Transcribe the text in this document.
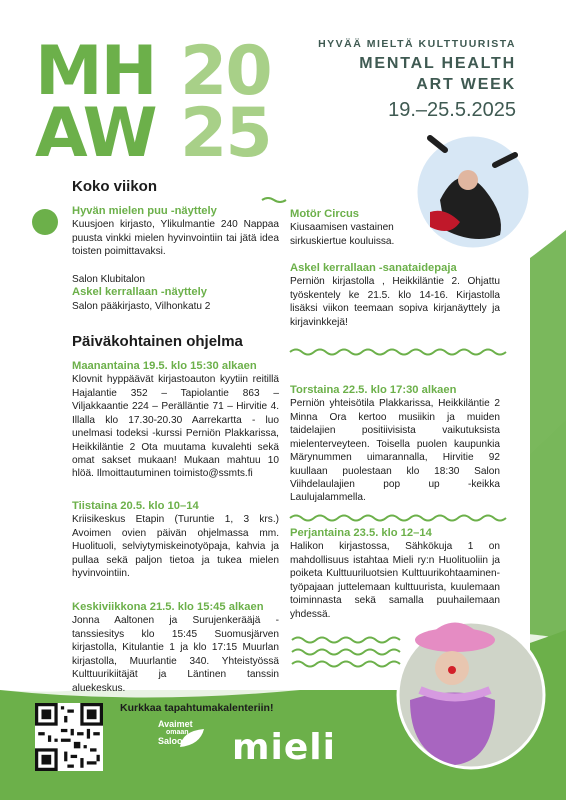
MH 20
AW 25
HYVÄÄ MIELTÄ KULTTUURISTA
MENTAL HEALTH
ART WEEK
19.–25.5.2025
Koko viikon
Hyvän mielen puu -näyttely
Kuusjoen kirjasto, Ylikulmantie 240 Nappaa puusta vinkki mielen hyvinvointiin tai jätä idea toisten poimittavaksi.
Salon Klubitalon
Askel kerrallaan -näyttely
Salon pääkirjasto, Vilhonkatu 2
Motör Circus
Kiusaamisen vastainen sirkuskiertue kouluissa.
Askel kerrallaan -sanataidepaja
Perniön kirjastolla , Heikkiläntie 2. Ohjattu työskentely ke 21.5. klo 14-16. Kirjastolla lisäksi viikon teemaan sopiva kirjanäyttely ja kirjavinkkejä!
Päiväkohtainen ohjelma
Maanantaina 19.5. klo 15:30 alkaen
Klovnit hyppäävät kirjastoauton kyytiin reitillä Hajalantie 352 – Tapiolantie 863 – Viljakkaantie 224 – Perälläntie 71 – Hirvitie 4. Illalla klo 17.30-20.30 Aarrekartta - luo unelmasi todeksi -kurssi Perniön Plakkarissa, Heikkiläntie 2 Ota muutama kuvalehti sekä omat sakset mukaan! Mukaan mahtuu 10 hlöä. Ilmoittautuminen toimisto@ssmts.fi
Tiistaina 20.5. klo 10–14
Kriisikeskus Etapin (Turuntie 1, 3 krs.) Avoimen ovien päivän ohjelmassa mm. Huolituoli, selviytymiskeinotyöpaja, kahvia ja pullaa sekä paljon tietoa ja tukea mielen hyvinvointiin.
Keskiviikkona 21.5. klo 15:45 alkaen
Jonna Aaltonen ja Surujenkerääjä -tanssiesitys klo 15:45 Suomusjärven kirjastolla, Kitulantie 1 ja klo 17:15 Muurlan kirjastolla, Muurlantie 340. Yhteistyössä Kulttuurikiitäjät ja Läntinen tanssin aluekeskus.
Torstaina 22.5. klo 17:30 alkaen
Perniön yhteisötila Plakkarissa, Heikkiläntie 2 Minna Ora kertoo musiikin ja muiden taidelajien positiivisista vaikutuksista mielenterveyteen. Toisella puolen kaupunkia Märynummen uimarannalla, Hirvitie 92 kuullaan puolestaan klo 18:30 Salon Viihdelaulajien pop up -keikka Laulujalammella.
Perjantaina 23.5. klo 12–14
Halikon kirjastossa, Sähkökuja 1 on mahdollisuus istahtaa Mieli ry:n Huolituoliin ja poiketa Kulttuuriluotsien Kulttuurikohtaaminen-työpajaan juttelemaan kulttuurista, kuulemaan toiminnasta sekä samalla puuhailemaan yhdessä.
Kurkkaa tapahtumakalenteriin!
Avaimet
omaan
Saloon mieli
